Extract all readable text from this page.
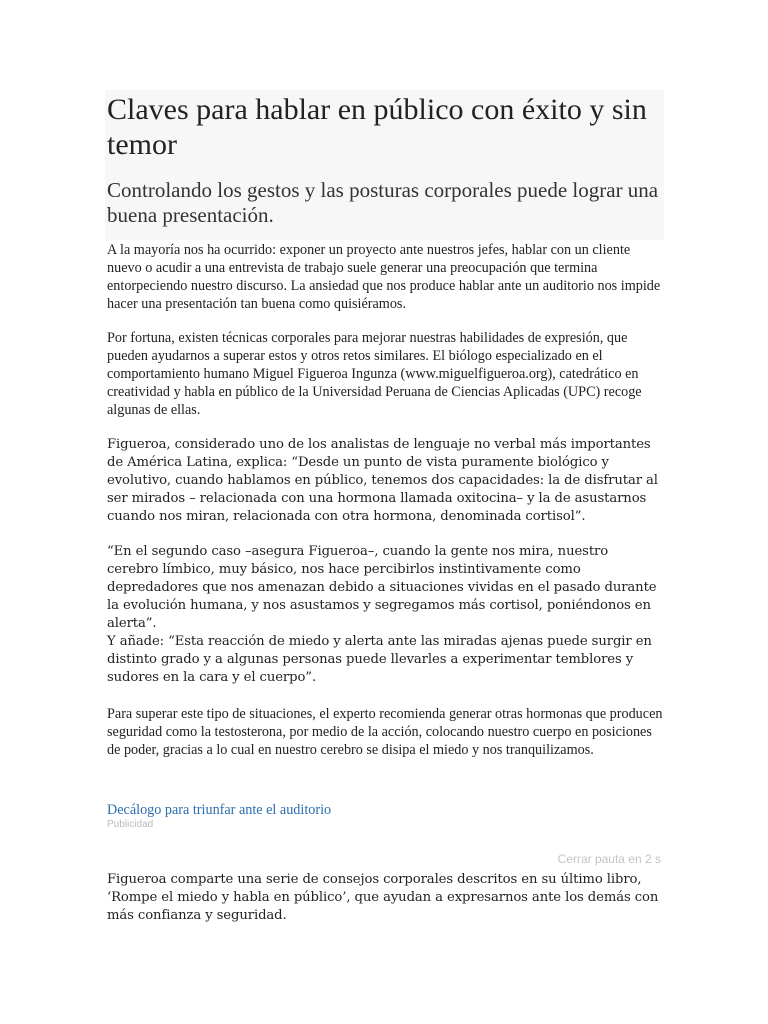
Claves para hablar en público con éxito y sin temor
Controlando los gestos y las posturas corporales puede lograr una buena presentación.

A la mayoría nos ha ocurrido: exponer un proyecto ante nuestros jefes, hablar con un cliente nuevo o acudir a una entrevista de trabajo suele generar una preocupación que termina entorpeciendo nuestro discurso. La ansiedad que nos produce hablar ante un auditorio nos impide hacer una presentación tan buena como quisiéramos.

Por fortuna, existen técnicas corporales para mejorar nuestras habilidades de expresión, que pueden ayudarnos a superar estos y otros retos similares. El biólogo especializado en el comportamiento humano Miguel Figueroa Ingunza (www.miguelfigueroa.org), catedrático en creatividad y habla en público de la Universidad Peruana de Ciencias Aplicadas (UPC) recoge algunas de ellas.

Figueroa, considerado uno de los analistas de lenguaje no verbal más importantes de América Latina, explica: “Desde un punto de vista puramente biológico y evolutivo, cuando hablamos en público, tenemos dos capacidades: la de disfrutar al ser mirados – relacionada con una hormona llamada oxitocina– y la de asustarnos cuando nos miran, relacionada con otra hormona, denominada cortisol”.

“En el segundo caso –asegura Figueroa–, cuando la gente nos mira, nuestro cerebro límbico, muy básico, nos hace percibirlos instintivamente como depredadores que nos amenazan debido a situaciones vividas en el pasado durante la evolución humana, y nos asustamos y segregamos más cortisol, poniéndonos en alerta”.

Y añade: “Esta reacción de miedo y alerta ante las miradas ajenas puede surgir en distinto grado y a algunas personas puede llevarles a experimentar temblores y sudores en la cara y el cuerpo”.

Para superar este tipo de situaciones, el experto recomienda generar otras hormonas que producen seguridad como la testosterona, por medio de la acción, colocando nuestro cuerpo en posiciones de poder, gracias a lo cual en nuestro cerebro se disipa el miedo y nos tranquilizamos.

Decálogo para triunfar ante el auditorio
Publicidad
Cerrar pauta en 2 s

Figueroa comparte una serie de consejos corporales descritos en su último libro, ‘Rompe el miedo y habla en público’, que ayudan a expresarnos ante los demás con más confianza y seguridad.
